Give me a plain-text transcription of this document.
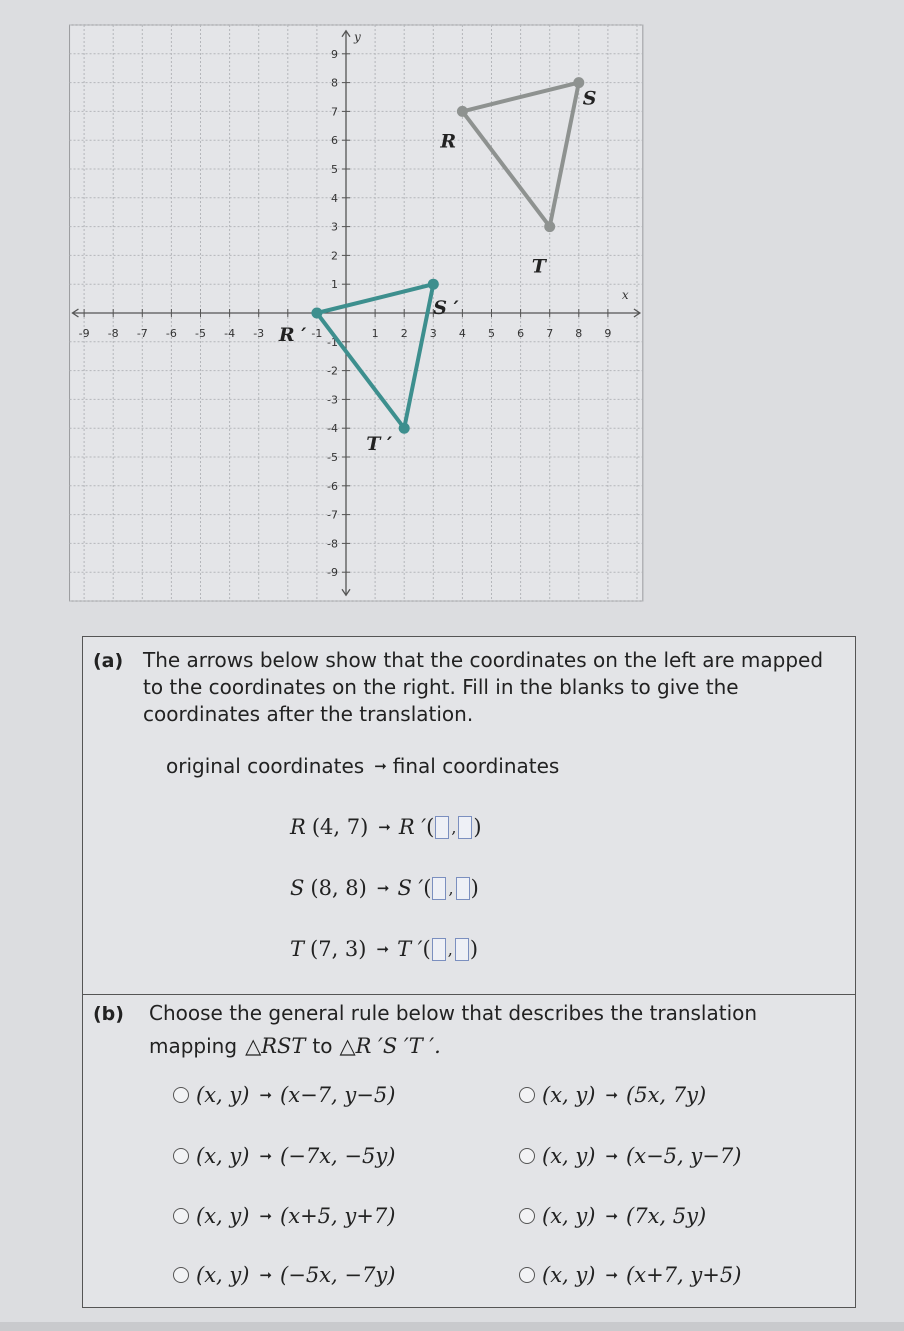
x
y
-9 -8 -7 -6 -5 -4 -3	-1	1 2 3 4 5 6 7 8 9
9
8
7
6
5
4
3
2
1
-1
-2
-3
-4
-5
-6
-7
-8
-9
R
S
T
R ′
S ′
T ′
(a) The arrows below show that the coordinates on the left are mapped to the coordinates on the right. Fill in the blanks to give the coordinates after the translation.
original coordinates ➞ final coordinates
R (4, 7) ➞ R ′ ( , )
S (8, 8) ➞ S ′ ( , )
T (7, 3) ➞ T ′ ( , )
(b) Choose the general rule below that describes the translation
mapping △RST to △R ′S ′T ′.
(x, y) ➞ (x−7, y−5)	(x, y) ➞ (5x, 7y)
(x, y) ➞ (−7x, −5y)	(x, y) ➞ (x−5, y−7)
(x, y) ➞ (x+5, y+7)	(x, y) ➞ (7x, 5y)
(x, y) ➞ (−5x, −7y)	(x, y) ➞ (x+7, y+5)
